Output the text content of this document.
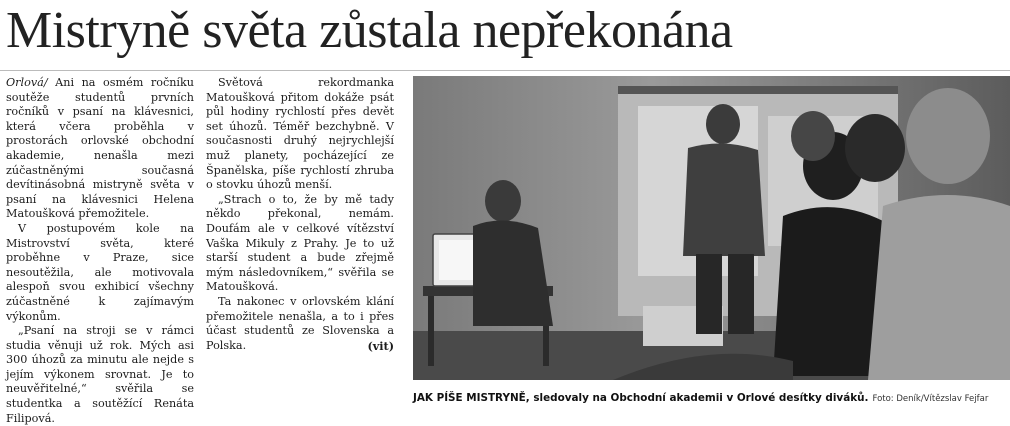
Mistryně světa zůstala nepřekonána

Orlová/ Ani na osmém ročníku soutěže studentů prvních ročníků v psaní na klávesnici, která včera proběhla v prostorách orlovské obchodní akademie, nenašla mezi zúčastněnými současná devítinásobná mistryně světa v psaní na klávesnici Helena Matoušková přemožitele.

V postupovém kole na Mistrovství světa, které proběhne v Praze, sice nesoutěžila, ale motivovala alespoň svou exhibicí všechny zúčastněné k zajímavým výkonům.

„Psaní na stroji se v rámci studia věnuji už rok. Mých asi 300 úhozů za minutu ale nejde s jejím výkonem srovnat. Je to neuvěřitelné,“ svěřila se studentka a soutěžící Renáta Filipová.

Světová rekordmanka Matoušková přitom dokáže psát půl hodiny rychlostí přes devět set úhozů. Téměř bezchybně. V současnosti druhý nejrychlejší muž planety, pocházející ze Španělska, píše rychlostí zhruba o stovku úhozů menší.

„Strach o to, že by mě tady někdo překonal, nemám. Doufám ale v celkové vítězství Vaška Mikuly z Prahy. Je to už starší student a bude zřejmě mým následovníkem,“ svěřila se Matoušková.

Ta nakonec v orlovském klání přemožitele nenašla, a to i přes účast studentů ze Slovenska a Polska.	(vit)

JAK PÍŠE MISTRYNĚ, sledovaly na Obchodní akademii v Orlové desítky diváků. Foto: Deník/Vítězslav Fejfar
